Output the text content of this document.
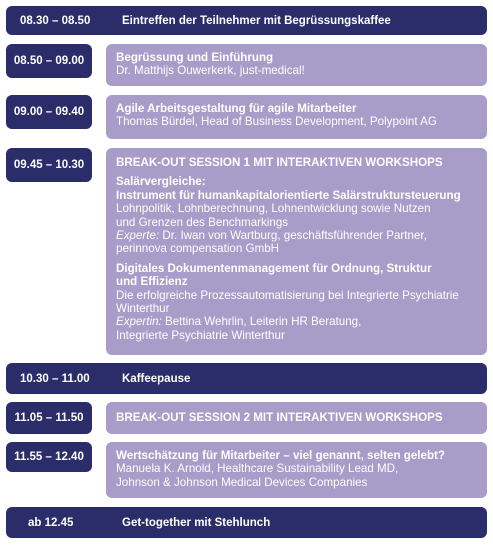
08.30 – 08.50	Eintreffen der Teilnehmer mit Begrüssungskaffee
08.50 – 09.00	Begrüssung und Einführung
Dr. Matthijs Ouwerkerk, just-medical!
09.00 – 09.40	Agile Arbeitsgestaltung für agile Mitarbeiter
Thomas Bürdel, Head of Business Development, Polypoint AG
09.45 – 10.30	BREAK-OUT SESSION 1 MIT INTERAKTIVEN WORKSHOPS
Salärvergleiche:
Instrument für humankapitalorientierte Salärstruktursteuerung
Lohnpolitik, Lohnberechnung, Lohnentwicklung sowie Nutzen
und Grenzen des Benchmarkings
Experte: Dr. Iwan von Wartburg, geschäftsführender Partner,
perinnova compensation GmbH
Digitales Dokumentenmanagement für Ordnung, Struktur
und Effizienz
Die erfolgreiche Prozessautomatisierung bei Integrierte Psychiatrie
Winterthur
Expertin: Bettina Wehrlin, Leiterin HR Beratung,
Integrierte Psychiatrie Winterthur
10.30 – 11.00	Kaffeepause
11.05 – 11.50	BREAK-OUT SESSION 2 MIT INTERAKTIVEN WORKSHOPS
11.55 – 12.40	Wertschätzung für Mitarbeiter – viel genannt, selten gelebt?
Manuela K. Arnold, Healthcare Sustainability Lead MD,
Johnson & Johnson Medical Devices Companies
ab 12.45	Get-together mit Stehlunch
